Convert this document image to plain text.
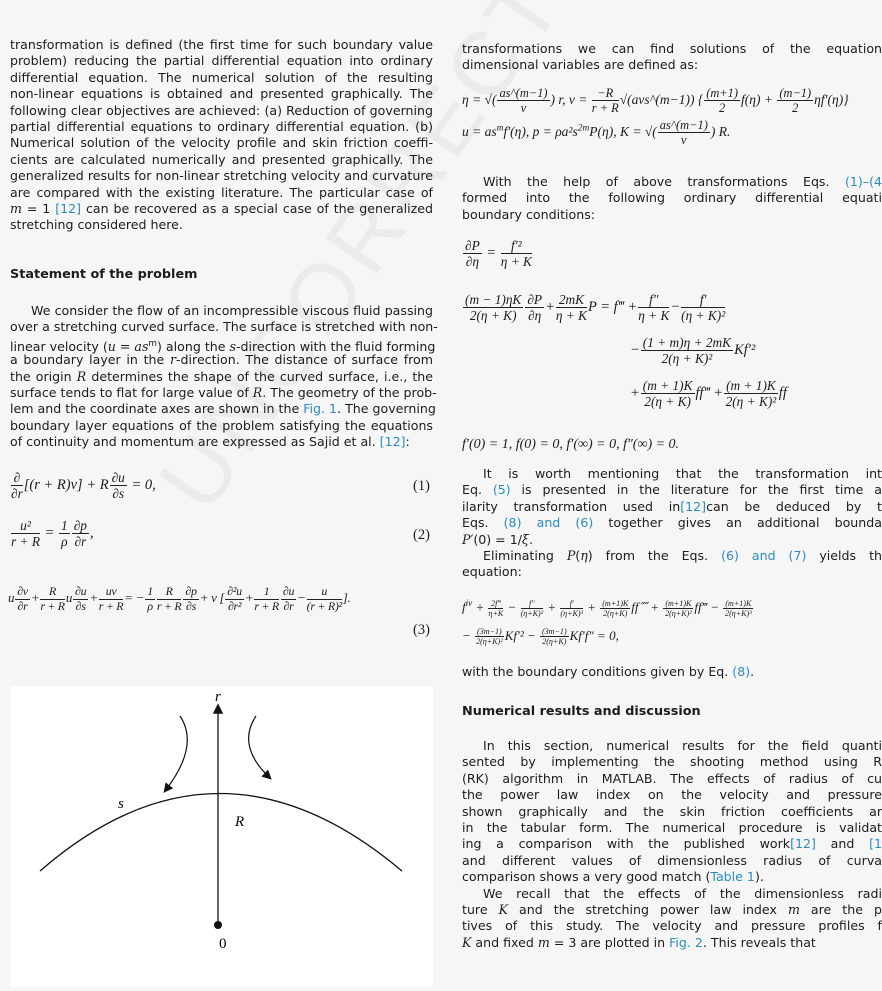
transformation is defined (the first time for such boundary value
problem) reducing the partial differential equation into ordinary
differential equation. The numerical solution of the resulting
non-linear equations is obtained and presented graphically. The
following clear objectives are achieved: (a) Reduction of governing
partial differential equations to ordinary differential equation. (b)
Numerical solution of the velocity profile and skin friction coeffi-
cients are calculated numerically and presented graphically. The
generalized results for non-linear stretching velocity and curvature
are compared with the existing literature. The particular case of
m = 1 [12] can be recovered as a special case of the generalized
stretching considered here.
Statement of the problem
We consider the flow of an incompressible viscous fluid passing
over a stretching curved surface. The surface is stretched with non-
linear velocity $(u = as^m)$ along the s-direction with the fluid forming
a boundary layer in the r-direction. The distance of surface from
the origin R determines the shape of the curved surface, i.e., the
surface tends to flat for large value of R. The geometry of the prob-
lem and the coordinate axes are shown in the Fig. 1. The governing
boundary layer equations of the problem satisfying the equations
of continuity and momentum are expressed as Sajid et al. [12]:
∂
∂r
[(r + R)v] + R $\frac{\partial u}{\partial s} = 0$,	(1)
$\frac{\text{u²}}{r + R} = \frac{1}{\rho} \frac{\partial p}{\partial r}$ ,	(2)
u $\frac{\partial v}{\partial r} + \frac{R}{r + R}$ u $\frac{\partial u}{\partial s} + \frac{uv}{r + R}$ = − $\frac{1}{\rho} \frac{R}{r + R} \frac{\partial p}{\partial s} + \nu$ [ $\frac{\text{∂²u}}{\text{∂r²}} + \frac{1}{r + R} \frac{\partial u}{\partial r} - \frac{u}{\text{(r + R)²}}$ ].
(3)
r
s
R
0
transformations we can find solutions of the equation
dimensional variables are defined as:
With the help of above transformations Eqs. (1)–(4
formed into the following ordinary differential equati
boundary conditions:
It is worth mentioning that the transformation int
Eq. (5) is presented in the literature for the first time a
ilarity transformation used in[12]can be deduced by t
Eqs. (8) and (6) together gives an additional bounda
P′(0) = 1/ξ.
Eliminating P(η) from the Eqs. (6) and (7) yields th
equation:
with the boundary conditions given by Eq. (8).
Numerical results and discussion
In this section, numerical results for the field quanti
sented by implementing the shooting method using R
(RK) algorithm in MATLAB. The effects of radius of cu
the power law index on the velocity and pressure
shown graphically and the skin friction coefficients ar
in the tabular form. The numerical procedure is validat
ing a comparison with the published work[12] and [1
and different values of dimensionless radius of curva
comparison shows a very good match (Table 1).
We recall that the effects of the dimensionless radi
ture K and the stretching power law index m are the p
tives of this study. The velocity and pressure profiles f
K and fixed m = 3 are plotted in Fig. 2. This reveals that
η = √( $\frac{as\^{}(m-1)}{\nu}$ ) r, $v = \frac{-R}{r + R}$ √(aνs^(m−1)) { $\frac{(m+1)}{2} f(\eta) + \frac{(m-1)}{2} \eta f'(\eta)$}
$u = as^mf'(\eta)$, $p = \rho a^2s^{2m}P(\eta)$, K = √( $\frac{as\^{}(m-1)}{\nu}$ ) R.
$\frac{\partial P}{\partial\eta} = \frac{\text{f′²}}{\eta + K}$
$\frac{(m - 1)\eta K}{2(\eta + K)} \frac{\partial P}{\partial\eta} + \frac{2mK}{\eta + K}$ P = f‴ + $\frac{f''}{\eta + K} - \frac{f'}{\text{(η + K)²}}$
− $\frac{(1 + m)\eta + 2mK}{\text{2(η + K)²}} Kf'^2$
+ $\frac{(m + 1)K}{2(\eta + K)}$ ff‴ + $\frac{(m + 1)K}{\text{2(η + K)²}}$ ff
f′(0) = 1, f(0) = 0, f′(∞) = 0, f″(∞) = 0.
$f^{iv} + \frac{2f‴}{\eta+K} - \frac{f''}{\text{(η+K)²}} + \frac{f'}{\text{(η+K)³}} + \frac{(m+1)K}{2(\eta+K)}$ ff⁗ + $\frac{(m+1)K}{\text{2(η+K)²}}$ ff‴ − $\frac{(m+1)K}{\text{2(η+K)³}}$
− $\frac{(3m-1)}{\text{2(η+K)²}} Kf'^2 - \frac{(3m-1)}{2(\eta+K)} Kf'f'' = 0$,
